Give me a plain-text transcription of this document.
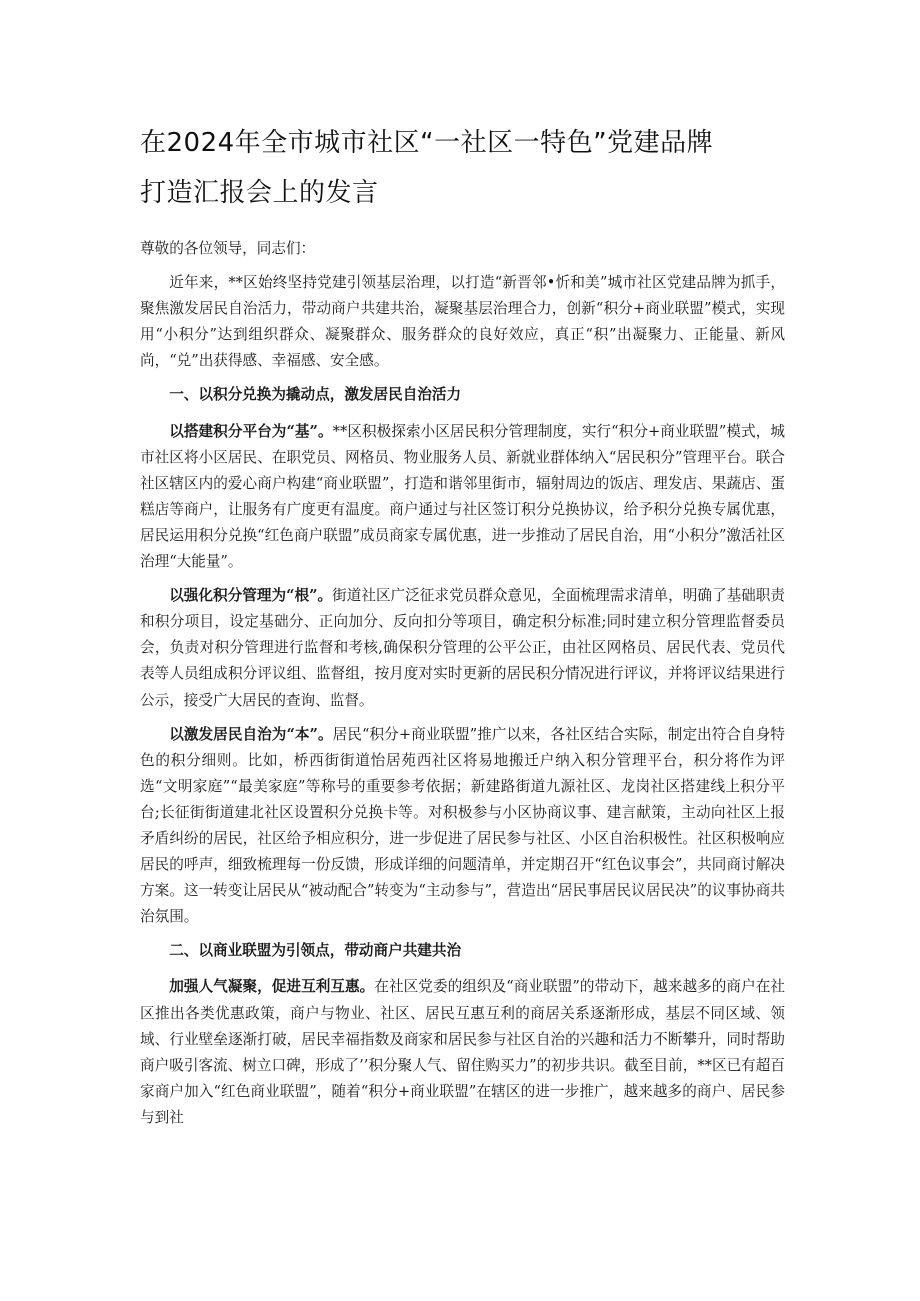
在2024年全市城市社区“一社区一特色”党建品牌
打造汇报会上的发言

尊敬的各位领导，同志们：

近年来，**区始终坚持党建引领基层治理，以打造“新晋邻•忻和美”城市社区党建品牌为抓手，聚焦激发居民自治活力，带动商户共建共治，凝聚基层治理合力，创新“积分+商业联盟”模式，实现用“小积分”达到组织群众、凝聚群众、服务群众的良好效应，真正“积”出凝聚力、正能量、新风尚，“兑”出获得感、幸福感、安全感。

一、以积分兑换为撬动点，激发居民自治活力

以搭建积分平台为“基”。**区积极探索小区居民积分管理制度，实行“积分+商业联盟”模式，城市社区将小区居民、在职党员、网格员、物业服务人员、新就业群体纳入“居民积分”管理平台。联合社区辖区内的爱心商户构建“商业联盟”，打造和谐邻里街市，辐射周边的饭店、理发店、果蔬店、蛋糕店等商户，让服务有广度更有温度。商户通过与社区签订积分兑换协议，给予积分兑换专属优惠，居民运用积分兑换“红色商户联盟”成员商家专属优惠，进一步推动了居民自治，用“小积分”激活社区治理“大能量”。

以强化积分管理为“根”。街道社区广泛征求党员群众意见，全面梳理需求清单，明确了基础职责和积分项目，设定基础分、正向加分、反向扣分等项目，确定积分标准;同时建立积分管理监督委员会，负责对积分管理进行监督和考核,确保积分管理的公平公正，由社区网格员、居民代表、党员代表等人员组成积分评议组、监督组，按月度对实时更新的居民积分情况进行评议，并将评议结果进行公示，接受广大居民的查询、监督。

以激发居民自治为“本”。居民“积分+商业联盟”推广以来，各社区结合实际，制定出符合自身特色的积分细则。比如，桥西街街道怡居苑西社区将易地搬迁户纳入积分管理平台，积分将作为评选“文明家庭”“最美家庭”等称号的重要参考依据；新建路街道九源社区、龙岗社区搭建线上积分平台;长征街街道建北社区设置积分兑换卡等。对积极参与小区协商议事、建言献策，主动向社区上报矛盾纠纷的居民，社区给予相应积分，进一步促进了居民参与社区、小区自治积极性。社区积极响应居民的呼声，细致梳理每一份反馈，形成详细的问题清单，并定期召开“红色议事会”，共同商讨解决方案。这一转变让居民从“被动配合”转变为“主动参与”，营造出“居民事居民议居民决”的议事协商共治氛围。

二、以商业联盟为引领点，带动商户共建共治

加强人气凝聚，促进互利互惠。在社区党委的组织及“商业联盟”的带动下，越来越多的商户在社区推出各类优惠政策，商户与物业、社区、居民互惠互利的商居关系逐渐形成，基层不同区域、领域、行业壁垒逐渐打破，居民幸福指数及商家和居民参与社区自治的兴趣和活力不断攀升，同时帮助商户吸引客流、树立口碑，形成了’’积分聚人气、留住购买力”的初步共识。截至目前，**区已有超百家商户加入“红色商业联盟”，随着“积分+商业联盟”在辖区的进一步推广，越来越多的商户、居民参与到社
